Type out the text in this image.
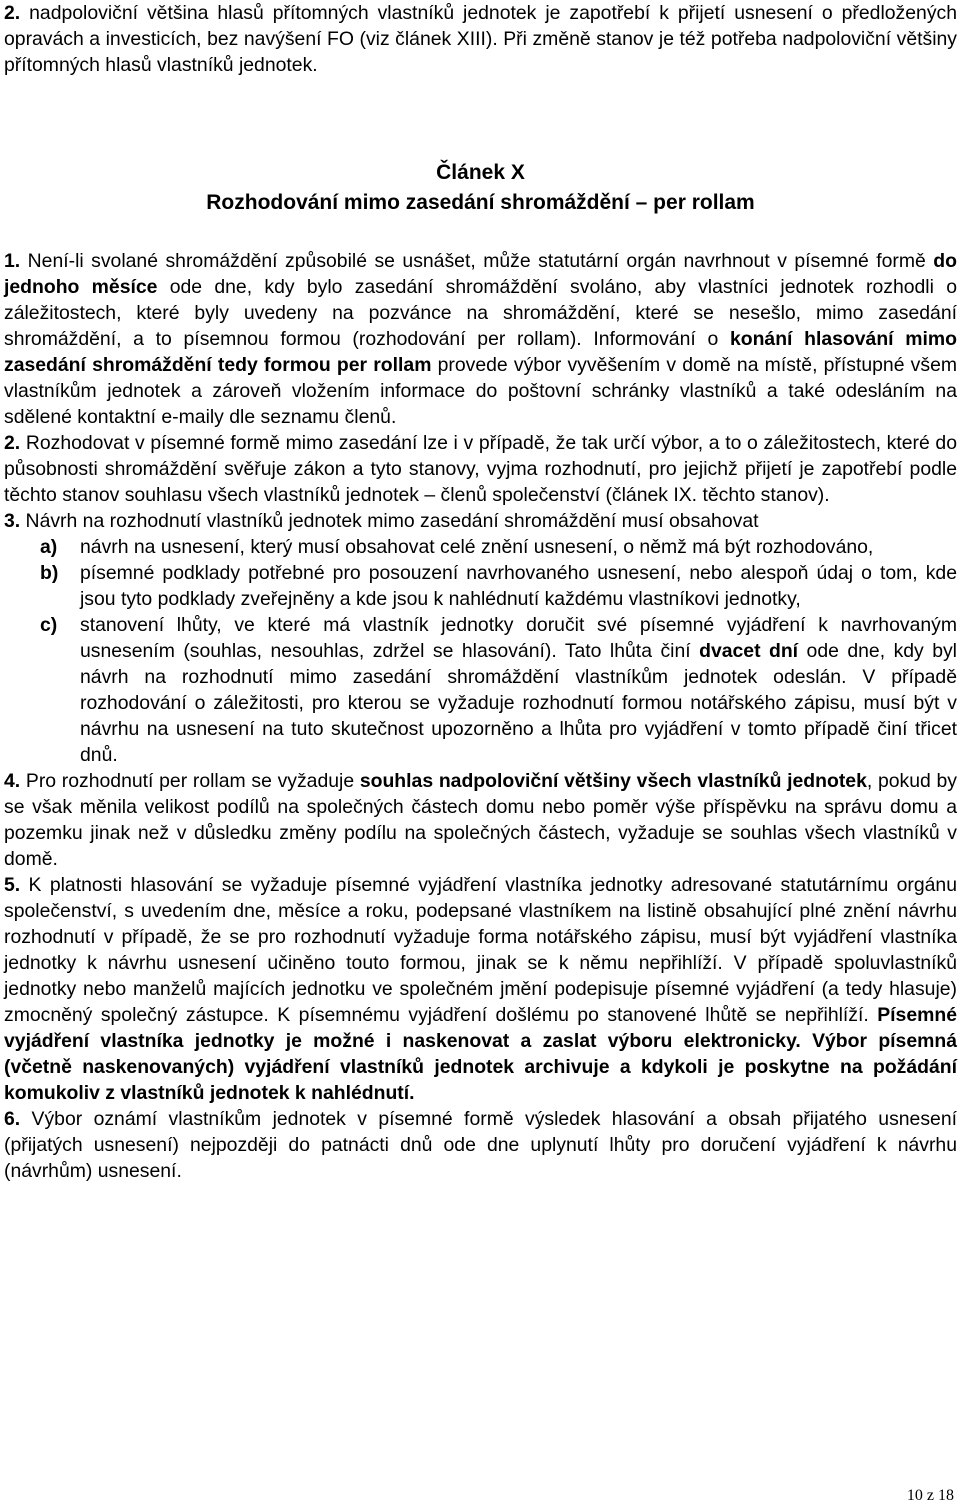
2. nadpoloviční většina hlasů přítomných vlastníků jednotek je zapotřebí k přijetí usnesení o předložených opravách a investicích, bez navýšení FO (viz článek XIII). Při změně stanov je též potřeba nadpoloviční většiny přítomných hlasů vlastníků jednotek.

Článek X
Rozhodování mimo zasedání shromáždění – per rollam

1. Není-li svolané shromáždění způsobilé se usnášet, může statutární orgán navrhnout v písemné formě do jednoho měsíce ode dne, kdy bylo zasedání shromáždění svoláno, aby vlastníci jednotek rozhodli o záležitostech, které byly uvedeny na pozvánce na shromáždění, které se nesešlo, mimo zasedání shromáždění, a to písemnou formou (rozhodování per rollam). Informování o konání hlasování mimo zasedání shromáždění tedy formou per rollam provede výbor vyvěšením v domě na místě, přístupné všem vlastníkům jednotek a zároveň vložením informace do poštovní schránky vlastníků a také odesláním na sdělené kontaktní e-maily dle seznamu členů.

2. Rozhodovat v písemné formě mimo zasedání lze i v případě, že tak určí výbor, a to o záležitostech, které do působnosti shromáždění svěřuje zákon a tyto stanovy, vyjma rozhodnutí, pro jejichž přijetí je zapotřebí podle těchto stanov souhlasu všech vlastníků jednotek – členů společenství (článek IX. těchto stanov).

3. Návrh na rozhodnutí vlastníků jednotek mimo zasedání shromáždění musí obsahovat

a) návrh na usnesení, který musí obsahovat celé znění usnesení, o němž má být rozhodováno,
b) písemné podklady potřebné pro posouzení navrhovaného usnesení, nebo alespoň údaj o tom, kde jsou tyto podklady zveřejněny a kde jsou k nahlédnutí každému vlastníkovi jednotky,
c) stanovení lhůty, ve které má vlastník jednotky doručit své písemné vyjádření k navrhovaným usnesením (souhlas, nesouhlas, zdržel se hlasování). Tato lhůta činí dvacet dní ode dne, kdy byl návrh na rozhodnutí mimo zasedání shromáždění vlastníkům jednotek odeslán. V případě rozhodování o záležitosti, pro kterou se vyžaduje rozhodnutí formou notářského zápisu, musí být v návrhu na usnesení na tuto skutečnost upozorněno a lhůta pro vyjádření v tomto případě činí třicet dnů.

4. Pro rozhodnutí per rollam se vyžaduje souhlas nadpoloviční většiny všech vlastníků jednotek, pokud by se však měnila velikost podílů na společných částech domu nebo poměr výše příspěvku na správu domu a pozemku jinak než v důsledku změny podílu na společných částech, vyžaduje se souhlas všech vlastníků v domě.

5. K platnosti hlasování se vyžaduje písemné vyjádření vlastníka jednotky adresované statutárnímu orgánu společenství, s uvedením dne, měsíce a roku, podepsané vlastníkem na listině obsahující plné znění návrhu rozhodnutí v případě, že se pro rozhodnutí vyžaduje forma notářského zápisu, musí být vyjádření vlastníka jednotky k návrhu usnesení učiněno touto formou, jinak se k němu nepřihlíží. V případě spoluvlastníků jednotky nebo manželů majících jednotku ve společném jmění podepisuje písemné vyjádření (a tedy hlasuje) zmocněný společný zástupce. K písemnému vyjádření došlému po stanovené lhůtě se nepřihlíží. Písemné vyjádření vlastníka jednotky je možné i naskenovat a zaslat výboru elektronicky. Výbor písemná (včetně naskenovaných) vyjádření vlastníků jednotek archivuje a kdykoli je poskytne na požádání komukoliv z vlastníků jednotek k nahlédnutí.

6. Výbor oznámí vlastníkům jednotek v písemné formě výsledek hlasování a obsah přijatého usnesení (přijatých usnesení) nejpozději do patnácti dnů ode dne uplynutí lhůty pro doručení vyjádření k návrhu (návrhům) usnesení.

10 z 18
